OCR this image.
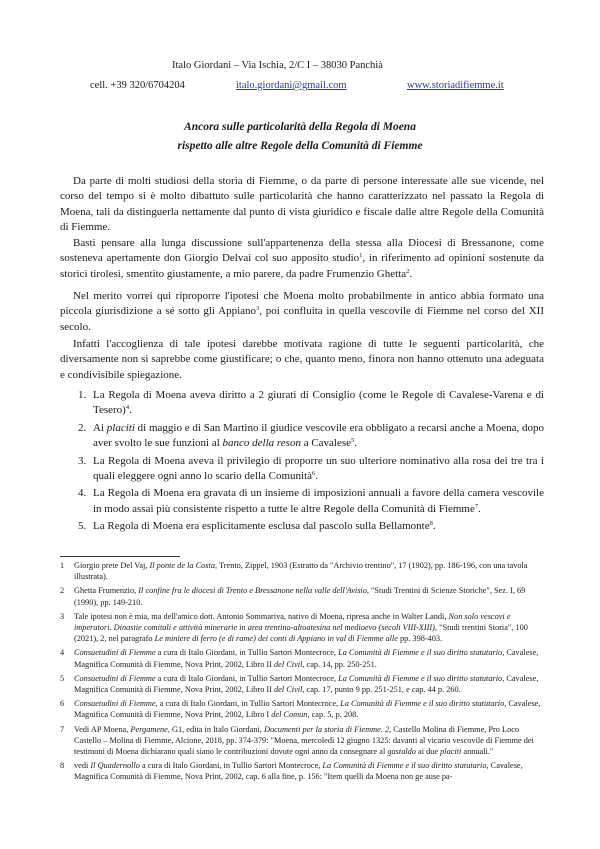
Italo Giordani – Via Ischia, 2/C I – 38030 Panchià
cell. +39 320/6704204	italo.giordani@gmail.com	www.storiadifiemme.it
Ancora sulle particolarità della Regola di Moena
rispetto alle altre Regole della Comunità di Fiemme
Da parte di molti studiosi della storia di Fiemme, o da parte di persone interessate alle sue vicende, nel corso del tempo si è molto dibattuto sulle particolarità che hanno caratterizzato nel passato la Regola di Moena, tali da distinguerla nettamente dal punto di vista giuridico e fiscale dalle altre Regole della Comunità di Fiemme.
Basti pensare alla lunga discussione sull'appartenenza della stessa alla Diocesi di Bressanone, come sosteneva apertamente don Giorgio Delvai col suo apposito studio$^1$, in riferimento ad opinioni sostenute da storici tirolesi, smentito giustamente, a mio parere, da padre Frumenzio Ghetta$^2$.
Nel merito vorrei qui riproporre l'ipotesi che Moena molto probabilmente in antico abbia formato una piccola giurisdizione a sé sotto gli Appiano$^3$, poi confluita in quella vescovile di Fiemme nel corso del XII secolo.
Infatti l'accoglienza di tale ipotesi darebbe motivata ragione di tutte le seguenti particolarità, che diversamente non si saprebbe come giustificare; o che, quanto meno, finora non hanno ottenuto una adeguata e condivisibile spiegazione.
1. La Regola di Moena aveva diritto a 2 giurati di Consiglio (come le Regole di Cavalese-Varena e di Tesero)$^4$.
2. Ai placiti di maggio e di San Martino il giudice vescovile era obbligato a recarsi anche a Moena, dopo aver svolto le sue funzioni al banco della reson a Cavalese$^5$.
3. La Regola di Moena aveva il privilegio di proporre un suo ulteriore nominativo alla rosa dei tre tra i quali eleggere ogni anno lo scario della Comunità$^6$.
4. La Regola di Moena era gravata di un insieme di imposizioni annuali a favore della camera vescovile in modo assai più consistente rispetto a tutte le altre Regole della Comunità di Fiemme$^7$.
5. La Regola di Moena era esplicitamente esclusa dal pascolo sulla Bellamonte$^8$.
1	Giorgio prete Del Vaj, Il ponte de la Costa, Trento, Zippel, 1903 (Estratto da "Archivio trentino", 17 (1902), pp. 186-196, con una tavola illustrata).
2	Ghetta Frumenzio, Il confine fra le diocesi di Trento e Bressanone nella valle dell'Avisio, "Studi Trentini di Scienze Storiche", Sez. I, 69 (1990), pp. 149-210.
3	Tale ipotesi non è mia, ma dell'amico dott. Antonio Sommariva, nativo di Moena, ripresa anche in Walter Landi, Non solo vescovi e imperatori. Dinastie comitali e attività minerarie in area trentino-altoatesina nel medioevo (secoli VIII-XIII), "Studi trentini Storia", 100 (2021), 2, nel paragrafo Le miniere di ferro (e di rame) dei conti di Appiano in val di Fiemme alle pp. 398-403.
4	Consuetudini di Fiemme a cura di Italo Giordani, in Tullio Sartori Montecroce, La Comunità di Fiemme e il suo diritto statutario, Cavalese, Magnifica Comunità di Fiemme, Nova Print, 2002, Libro II del Civil, cap. 14, pp. 250-251.
5	Consuetudini di Fiemme a cura di Italo Giordani, in Tullio Sartori Montecroce, La Comunità di Fiemme e il suo diritto statutario, Cavalese, Magnifica Comunità di Fiemme, Nova Print, 2002, Libro II del Civil, cap. 17, punto 9 pp. 251-251, e cap. 44 p. 260.
6	Consuetudini di Fiemme, a cura di Italo Giordani, in Tullio Sartori Montecroce, La Comunità di Fiemme e il suo diritto statutario, Cavalese, Magnifica Comunità di Fiemme, Nova Print, 2002, Libro I del Comun, cap. 5, p. 208.
7	Vedi AP Moena, Pergamene, G1, edita in Italo Giordani, Documenti per la storia di Fiemme. 2, Castello Molina di Fiemme, Pro Loco Castello – Molina di Fiemme, Alcione, 2018, pp. 374-379: "Moena, mercoledì 12 giugno 1325: davanti al vicario vescovile di Fiemme dei testimoni di Moena dichiarano quali siano le contribuzioni dovute ogni anno da consegnare al gastaldo ai due placiti annuali."
8	vedi Il Quadernollo a cura di Italo Giordani, in Tullio Sartori Montecroce, La Comunità di Fiemme e il suo diritto statutario, Cavalese, Magnifica Comunità di Fiemme, Nova Print, 2002, cap. 6 alla fine, p. 156: "Item quelli da Moena non ge ause pa-
